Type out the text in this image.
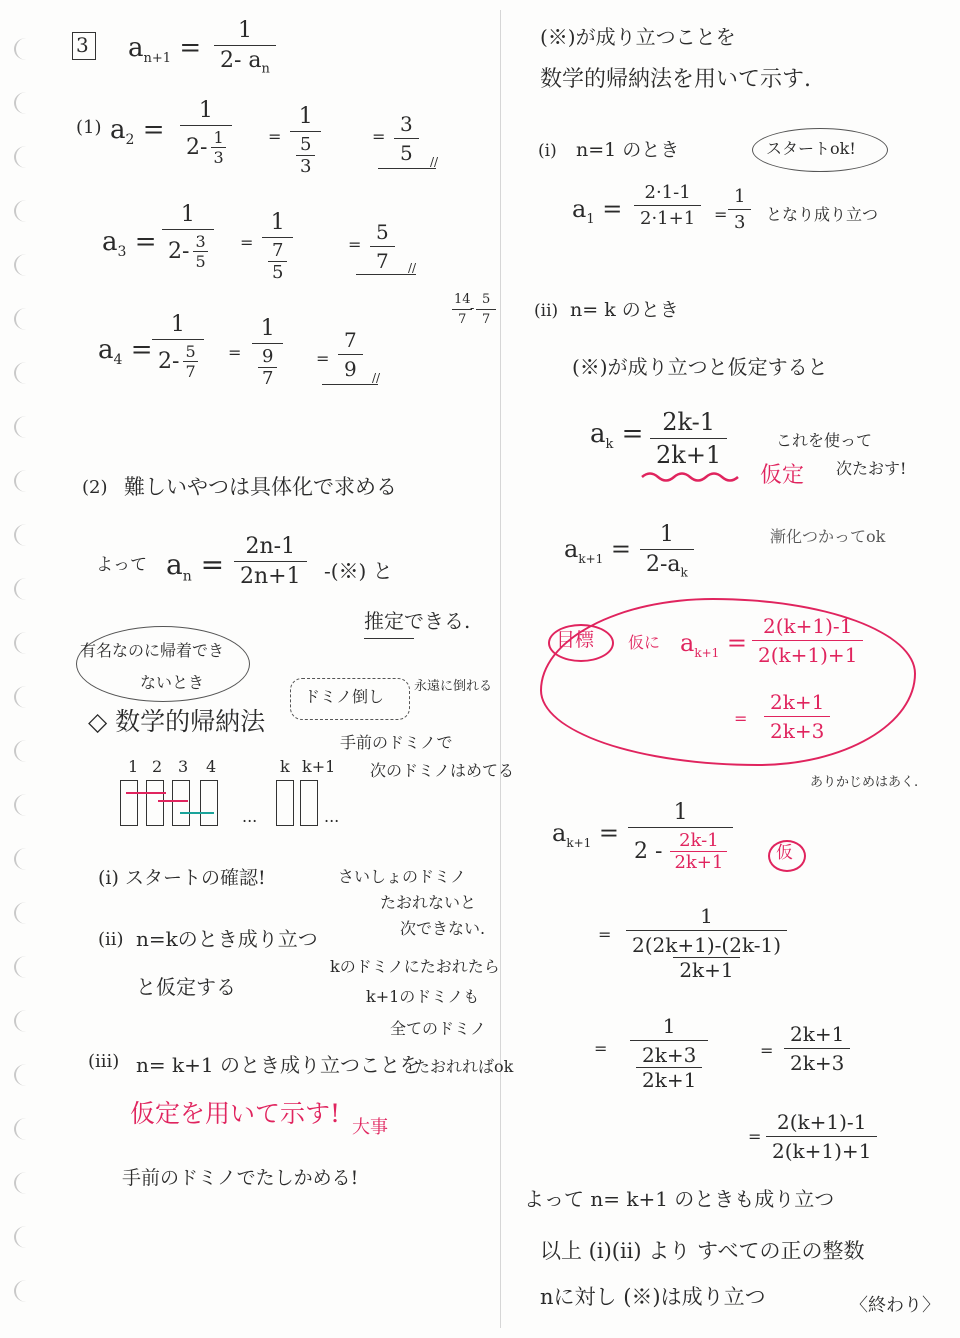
3 $a_{n+1} = \frac{1}{2- a_n}$
(1) $a_2 = 1$
2- 1
3 =
1
5
3
= $\frac{3}{5}$ //
$a_3 = 1$
2- 3
5 =
1
7
5
= $\frac{5}{7}$ //
$\frac{14}{7}$
- $\frac{5}{7}$
$a_4 = 1$
2- 5
7 =
1
9
7
= $\frac{7}{9}$ //
(2) 難しいやつは具体化で求める
よって $a_n = \frac{2n-1}{2n+1}$ -(※) と
推定できる.
有名なのに帰着でき
ないとき
◇ 数学的帰納法
ドミノ倒し
永遠に倒れる
手前のドミノで
次のドミノはめてる
1 2 3 4	k k+1
...	...
(i) スタートの確認!	さいしょのドミノ
たおれないと
次できない.
(ii) n=kのとき成り立つ
と仮定する
kのドミノにたおれたら
k+1のドミノも
全てのドミノ
(iii) n= k+1 のとき成り立つことを
たおれればok
仮定を用いて示す! 大事
手前のドミノでたしかめる!
(※)が成り立つことを
数学的帰納法を用いて示す.
(i) n=1 のとき	スタートok!
$a_1 = \frac{2\cdot 1-1}{2\cdot 1+1} = \frac{1}{3}$ となり成り立つ
(ii) n= k のとき
(※)が成り立つと仮定すると
$a_k = \frac{2k-1}{2k+1}$
仮定
これを使って
次たおす!
$a_{k+1} = \frac{1}{2-a_k}$	漸化つかってok
目標 仮に $a_{k+1} = \frac{2(k+1)-1}{2(k+1)+1}$
= $\frac{2k+1}{2k+3}$
ありかじめはあく.
$a_{k+1} = 1$
2 - 2k-1
2k+1	仮
= 1
2(2k+1)-(2k-1)
2k+1
= 1
2k+3
2k+1	= $\frac{2k+1}{2k+3}$
= $\frac{2(k+1)-1}{2(k+1)+1}$
よって n= k+1 のときも成り立つ
以上 (i)(ii) より すべての正の整数
nに対し (※)は成り立つ	〈終わり〉
